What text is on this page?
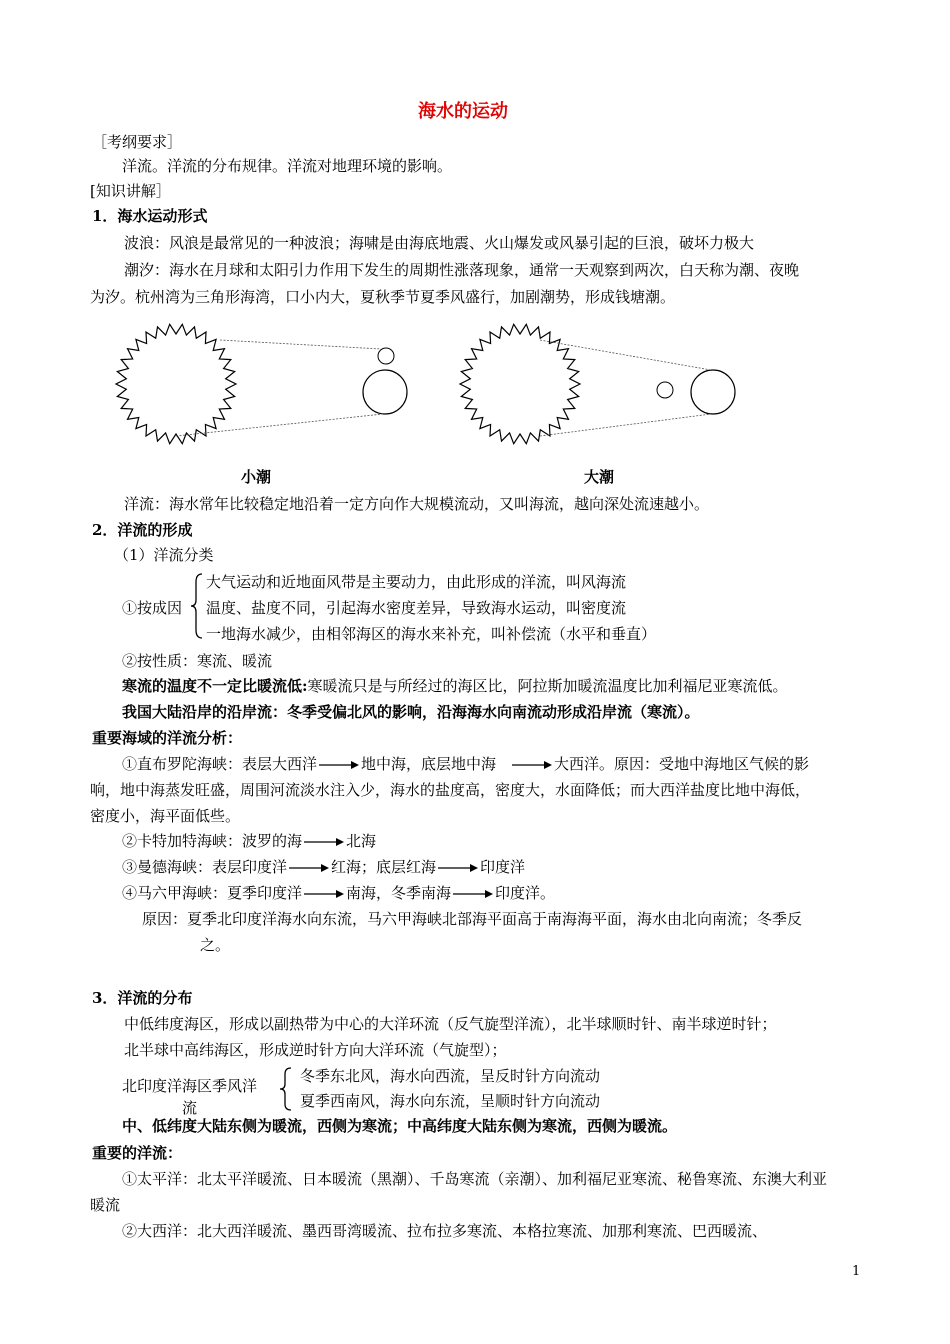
海水的运动
［考纲要求］
洋流。洋流的分布规律。洋流对地理环境的影响。
[知识讲解］
1．海水运动形式
波浪：风浪是最常见的一种波浪；海啸是由海底地震、火山爆发或风暴引起的巨浪，破坏力极大
潮汐：海水在月球和太阳引力作用下发生的周期性涨落现象，通常一天观察到两次，白天称为潮、夜晚
为汐。杭州湾为三角形海湾，口小内大，夏秋季节夏季风盛行，加剧潮势，形成钱塘潮。
小潮	大潮
洋流：海水常年比较稳定地沿着一定方向作大规模流动，又叫海流，越向深处流速越小。
2．洋流的形成
（1）洋流分类
大气运动和近地面风带是主要动力，由此形成的洋流，叫风海流
①按成因 温度、盐度不同，引起海水密度差异，导致海水运动，叫密度流
一地海水减少，由相邻海区的海水来补充，叫补偿流（水平和垂直）
②按性质：寒流、暖流
寒流的温度不一定比暖流低:寒暖流只是与所经过的海区比，阿拉斯加暖流温度比加利福尼亚寒流低。
我国大陆沿岸的沿岸流：冬季受偏北风的影响，沿海海水向南流动形成沿岸流（寒流）。
重要海域的洋流分析：
①直布罗陀海峡：表层大西洋	地中海，底层地中海	大西洋。原因：受地中海地区气候的影
响，地中海蒸发旺盛，周围河流淡水注入少，海水的盐度高，密度大，水面降低；而大西洋盐度比地中海低，
密度小，海平面低些。
②卡特加特海峡：波罗的海	北海
③曼德海峡：表层印度洋	红海；底层红海	印度洋
④马六甲海峡：夏季印度洋	南海，冬季南海	印度洋。
原因：夏季北印度洋海水向东流，马六甲海峡北部海平面高于南海海平面，海水由北向南流；冬季反
之。
3．洋流的分布
中低纬度海区，形成以副热带为中心的大洋环流（反气旋型洋流），北半球顺时针、南半球逆时针；
北半球中高纬海区，形成逆时针方向大洋环流（气旋型）；
北印度洋海区季风洋
流
冬季东北风，海水向西流，呈反时针方向流动
夏季西南风，海水向东流，呈顺时针方向流动
中、低纬度大陆东侧为暖流，西侧为寒流；中高纬度大陆东侧为寒流，西侧为暖流。
重要的洋流：
①太平洋：北太平洋暖流、日本暖流（黑潮）、千岛寒流（亲潮）、加利福尼亚寒流、秘鲁寒流、东澳大利亚
暖流
②大西洋：北大西洋暖流、墨西哥湾暖流、拉布拉多寒流、本格拉寒流、加那利寒流、巴西暖流、
1
